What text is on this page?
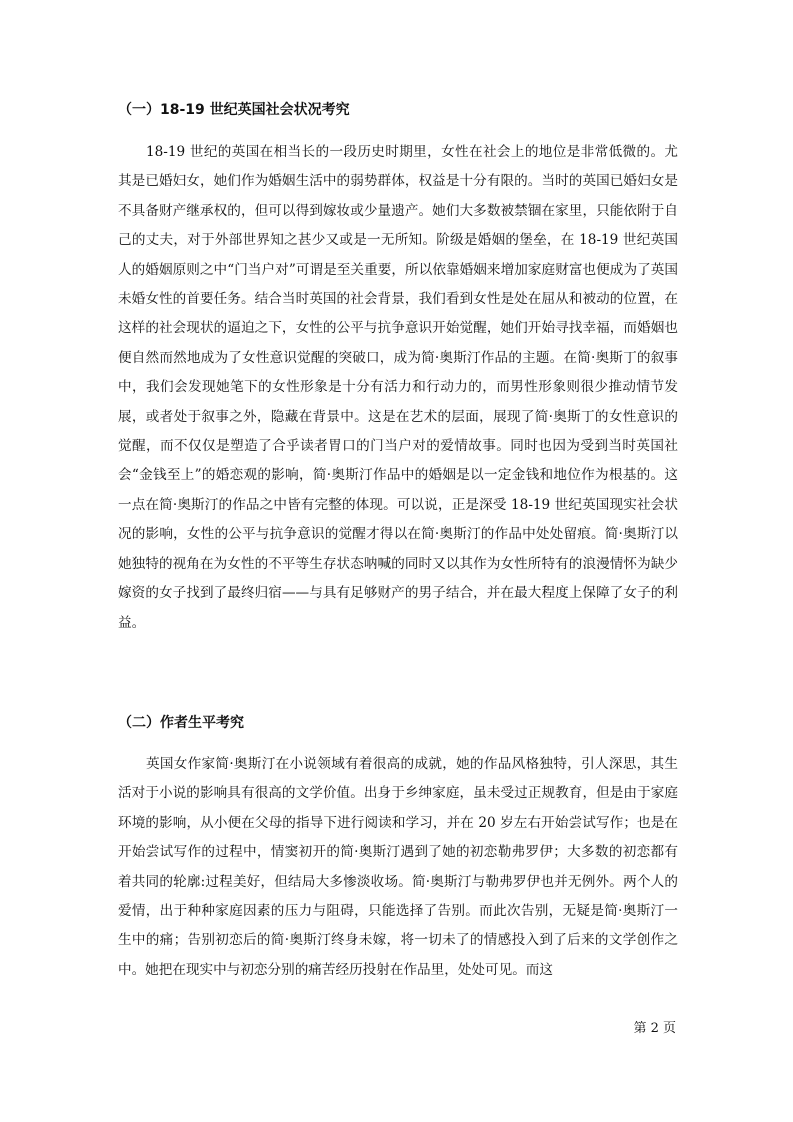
（一）18-19 世纪英国社会状况考究

18-19 世纪的英国在相当长的一段历史时期里，女性在社会上的地位是非常低微的。尤其是已婚妇女，她们作为婚姻生活中的弱势群体，权益是十分有限的。当时的英国已婚妇女是不具备财产继承权的，但可以得到嫁妆或少量遗产。她们大多数被禁锢在家里，只能依附于自己的丈夫，对于外部世界知之甚少又或是一无所知。阶级是婚姻的堡垒，在 18-19 世纪英国人的婚姻原则之中“门当户对”可谓是至关重要，所以依靠婚姻来增加家庭财富也便成为了英国未婚女性的首要任务。结合当时英国的社会背景，我们看到女性是处在屈从和被动的位置，在这样的社会现状的逼迫之下，女性的公平与抗争意识开始觉醒，她们开始寻找幸福，而婚姻也便自然而然地成为了女性意识觉醒的突破口，成为简·奥斯汀作品的主题。在简·奥斯丁的叙事中，我们会发现她笔下的女性形象是十分有活力和行动力的，而男性形象则很少推动情节发展，或者处于叙事之外，隐藏在背景中。这是在艺术的层面，展现了简·奥斯丁的女性意识的觉醒，而不仅仅是塑造了合乎读者胃口的门当户对的爱情故事。同时也因为受到当时英国社会“金钱至上”的婚恋观的影响，简·奥斯汀作品中的婚姻是以一定金钱和地位作为根基的。这一点在简·奥斯汀的作品之中皆有完整的体现。可以说，正是深受 18-19 世纪英国现实社会状况的影响，女性的公平与抗争意识的觉醒才得以在简·奥斯汀的作品中处处留痕。简·奥斯汀以她独特的视角在为女性的不平等生存状态呐喊的同时又以其作为女性所特有的浪漫情怀为缺少嫁资的女子找到了最终归宿——与具有足够财产的男子结合，并在最大程度上保障了女子的利益。

（二）作者生平考究

英国女作家简·奥斯汀在小说领域有着很高的成就，她的作品风格独特，引人深思，其生活对于小说的影响具有很高的文学价值。出身于乡绅家庭，虽未受过正规教育，但是由于家庭环境的影响，从小便在父母的指导下进行阅读和学习，并在 20 岁左右开始尝试写作；也是在开始尝试写作的过程中，情窦初开的简·奥斯汀遇到了她的初恋勒弗罗伊；大多数的初恋都有着共同的轮廓:过程美好，但结局大多惨淡收场。简·奥斯汀与勒弗罗伊也并无例外。两个人的爱情，出于种种家庭因素的压力与阻碍，只能选择了告别。而此次告别，无疑是简·奥斯汀一生中的痛；告别初恋后的简·奥斯汀终身未嫁，将一切未了的情感投入到了后来的文学创作之中。她把在现实中与初恋分别的痛苦经历投射在作品里，处处可见。而这

第 2 页
